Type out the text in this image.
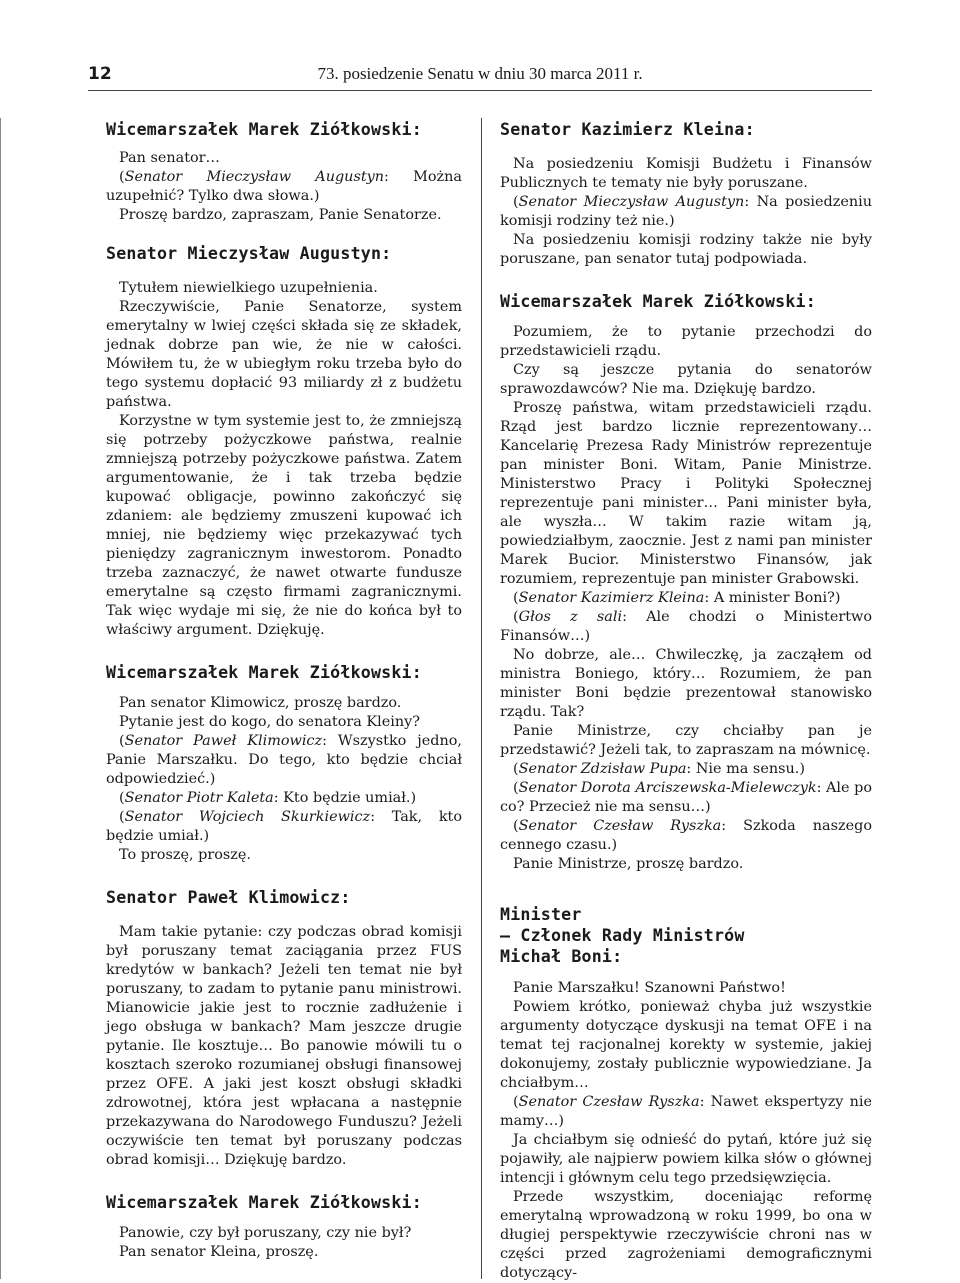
12	73. posiedzenie Senatu w dniu 30 marca 2011 r.
Wicemarszałek Marek Ziółkowski:

Pan senator…

(Senator Mieczysław Augustyn: Można uzupełnić? Tylko dwa słowa.)

Proszę bardzo, zapraszam, Panie Senatorze.

Senator Mieczysław Augustyn:

Tytułem niewielkiego uzupełnienia.

Rzeczywiście, Panie Senatorze, system emerytalny w lwiej części składa się ze składek, jednak dobrze pan wie, że nie w całości. Mówiłem tu, że w ubiegłym roku trzeba było do tego systemu dopłacić 93 miliardy zł z budżetu państwa.

Korzystne w tym systemie jest to, że zmniejszą się potrzeby pożyczkowe państwa, realnie zmniejszą potrzeby pożyczkowe państwa. Zatem argumentowanie, że i tak trzeba będzie kupować obligacje, powinno zakończyć się zdaniem: ale będziemy zmuszeni kupować ich mniej, nie będziemy więc przekazywać tych pieniędzy zagranicznym inwestorom. Ponadto trzeba zaznaczyć, że nawet otwarte fundusze emerytalne są często firmami zagranicznymi. Tak więc wydaje mi się, że nie do końca był to właściwy argument. Dziękuję.

Wicemarszałek Marek Ziółkowski:

Pan senator Klimowicz, proszę bardzo.

Pytanie jest do kogo, do senatora Kleiny?

(Senator Paweł Klimowicz: Wszystko jedno, Panie Marszałku. Do tego, kto będzie chciał odpowiedzieć.)

(Senator Piotr Kaleta: Kto będzie umiał.)

(Senator Wojciech Skurkiewicz: Tak, kto będzie umiał.)

To proszę, proszę.

Senator Paweł Klimowicz:

Mam takie pytanie: czy podczas obrad komisji był poruszany temat zaciągania przez FUS kredytów w bankach? Jeżeli ten temat nie był poruszany, to zadam to pytanie panu ministrowi. Mianowicie jakie jest to rocznie zadłużenie i jego obsługa w bankach? Mam jeszcze drugie pytanie. Ile kosztuje… Bo panowie mówili tu o kosztach szeroko rozumianej obsługi finansowej przez OFE. A jaki jest koszt obsługi składki zdrowotnej, która jest wpłacana a następnie przekazywana do Narodowego Funduszu? Jeżeli oczywiście ten temat był poruszany podczas obrad komisji… Dziękuję bardzo.

Wicemarszałek Marek Ziółkowski:

Panowie, czy był poruszany, czy nie był?

Pan senator Kleina, proszę.

Senator Kazimierz Kleina:

Na posiedzeniu Komisji Budżetu i Finansów Publicznych te tematy nie były poruszane.

(Senator Mieczysław Augustyn: Na posiedzeniu komisji rodziny też nie.)

Na posiedzeniu komisji rodziny także nie były poruszane, pan senator tutaj podpowiada.

Wicemarszałek Marek Ziółkowski:

Pozumiem, że to pytanie przechodzi do przedstawicieli rządu.

Czy są jeszcze pytania do senatorów sprawozdawców? Nie ma. Dziękuję bardzo.

Proszę państwa, witam przedstawicieli rządu. Rząd jest bardzo licznie reprezentowany… Kancelarię Prezesa Rady Ministrów reprezentuje pan minister Boni. Witam, Panie Ministrze. Ministerstwo Pracy i Polityki Społecznej reprezentuje pani minister… Pani minister była, ale wyszła… W takim razie witam ją, powiedziałbym, zaocznie. Jest z nami pan minister Marek Bucior. Ministerstwo Finansów, jak rozumiem, reprezentuje pan minister Grabowski.

(Senator Kazimierz Kleina: A minister Boni?)

(Głos z sali: Ale chodzi o Ministertwo Finansów…)

No dobrze, ale… Chwileczkę, ja zacząłem od ministra Boniego, który… Rozumiem, że pan minister Boni będzie prezentował stanowisko rządu. Tak?

Panie Ministrze, czy chciałby pan je przedstawić? Jeżeli tak, to zapraszam na mównicę.

(Senator Zdzisław Pupa: Nie ma sensu.)

(Senator Dorota Arciszewska-Mielewczyk: Ale po co? Przecież nie ma sensu…)

(Senator Czesław Ryszka: Szkoda naszego cennego czasu.)

Panie Ministrze, proszę bardzo.

Minister
– Członek Rady Ministrów
Michał Boni:

Panie Marszałku! Szanowni Państwo!

Powiem krótko, ponieważ chyba już wszystkie argumenty dotyczące dyskusji na temat OFE i na temat tej racjonalnej korekty w systemie, jakiej dokonujemy, zostały publicznie wypowiedziane. Ja chciałbym…

(Senator Czesław Ryszka: Nawet ekspertyzy nie mamy…)

Ja chciałbym się odnieść do pytań, które już się pojawiły, ale najpierw powiem kilka słów o głównej intencji i głównym celu tego przedsięwzięcia.

Przede wszystkim, doceniając reformę emerytalną wprowadzoną w roku 1999, bo ona w długiej perspektywie rzeczywiście chroni nas w części przed zagrożeniami demograficznymi dotyczący-
